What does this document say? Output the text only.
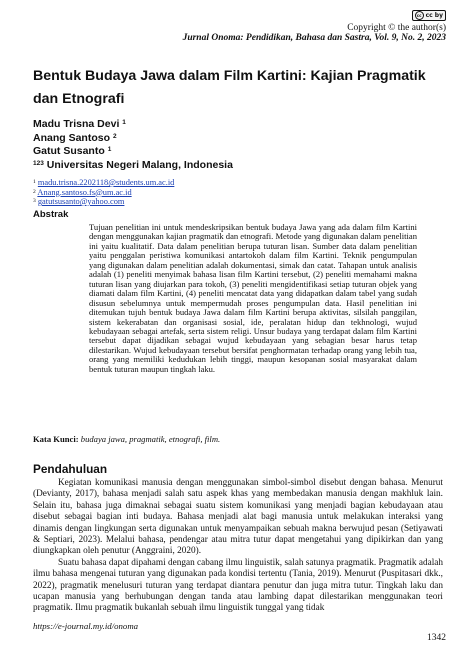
cc cc by
Copyright © the author(s)
Jurnal Onoma: Pendidikan, Bahasa dan Sastra, Vol. 9, No. 2, 2023
Bentuk Budaya Jawa dalam Film Kartini: Kajian Pragmatik dan Etnografi
Madu Trisna Devi $^1$
Anang Santoso $^2$
Gatut Susanto $^1$
$^{123}$ Universitas Negeri Malang, Indonesia
$^1$ madu.trisna.2202118@students.um.ac.id
$^2$ Anang.santoso.fs@um.ac.id
$^3$ gatutsusanto@yahoo.com
Abstrak
Tujuan penelitian ini untuk mendeskripsikan bentuk budaya Jawa yang ada dalam film Kartini dengan menggunakan kajian pragmatik dan etnografi. Metode yang digunakan dalam penelitian ini yaitu kualitatif. Data dalam penelitian berupa tuturan lisan. Sumber data dalam penelitian yaitu penggalan peristiwa komunikasi antartokoh dalam film Kartini. Teknik pengumpulan yang digunakan dalam penelitian adalah dokumentasi, simak dan catat. Tahapan untuk analisis adalah (1) peneliti menyimak bahasa lisan film Kartini tersebut, (2) peneliti memahami makna tuturan lisan yang diujarkan para tokoh, (3) peneliti mengidentifikasi setiap tuturan objek yang diamati dalam film Kartini, (4) peneliti mencatat data yang didapatkan dalam tabel yang sudah disusun sebelumnya untuk mempermudah proses pengumpulan data. Hasil penelitian ini ditemukan tujuh bentuk budaya Jawa dalam film Kartini berupa aktivitas, silsilah panggilan, sistem kekerabatan dan organisasi sosial, ide, peralatan hidup dan tekhnologi, wujud kebudayaan sebagai artefak, serta sistem religi. Unsur budaya yang terdapat dalam film Kartini tersebut dapat dijadikan sebagai wujud kebudayaan yang sebagian besar harus tetap dilestarikan. Wujud kebudayaan tersebut bersifat penghormatan terhadap orang yang lebih tua, orang yang memiliki kedudukan lebih tinggi, maupun kesopanan sosial masyarakat dalam bentuk tuturan maupun tingkah laku.
Kata Kunci: budaya jawa, pragmatik, etnografi, film.
Pendahuluan

Kegiatan komunikasi manusia dengan menggunakan simbol-simbol disebut dengan bahasa. Menurut (Devianty, 2017), bahasa menjadi salah satu aspek khas yang membedakan manusia dengan makhluk lain. Selain itu, bahasa juga dimaknai sebagai suatu sistem komunikasi yang menjadi bagian kebudayaan atau disebut sebagai bagian inti budaya. Bahasa menjadi alat bagi manusia untuk melakukan interaksi yang dinamis dengan lingkungan serta digunakan untuk menyampaikan sebuah makna berwujud pesan (Setiyawati & Septiari, 2023). Melalui bahasa, pendengar atau mitra tutur dapat mengetahui yang dipikirkan dan yang diungkapkan oleh penutur (Anggraini, 2020).

Suatu bahasa dapat dipahami dengan cabang ilmu linguistik, salah satunya pragmatik. Pragmatik adalah ilmu bahasa mengenai tuturan yang digunakan pada kondisi tertentu (Tania, 2019). Menurut (Puspitasari dkk., 2022), pragmatik menelusuri tuturan yang terdapat diantara penutur dan juga mitra tutur. Tingkah laku dan ucapan manusia yang berhubungan dengan tanda atau lambing dapat dilestarikan menggunakan teori pragmatik. Ilmu pragmatik bukanlah sebuah ilmu linguistik tunggal yang tidak

https://e-journal.my.id/onoma
1342
